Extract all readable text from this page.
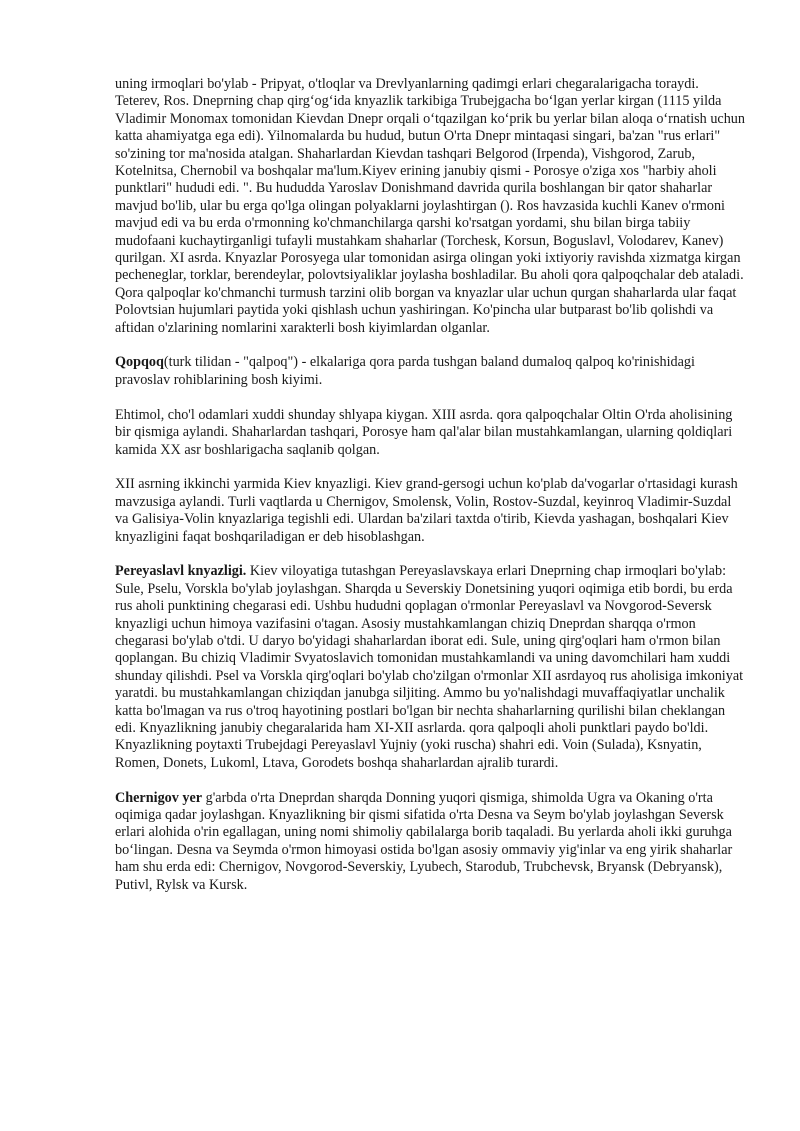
uning irmoqlari bo'ylab - Pripyat, o'tloqlar va Drevlyanlarning qadimgi erlari chegaralarigacha toraydi. Teterev, Ros. Dneprning chap qirg‘og‘ida knyazlik tarkibiga Trubejgacha bo‘lgan yerlar kirgan (1115 yilda Vladimir Monomax tomonidan Kievdan Dnepr orqali o‘tqazilgan ko‘prik bu yerlar bilan aloqa o‘rnatish uchun katta ahamiyatga ega edi). Yilnomalarda bu hudud, butun O'rta Dnepr mintaqasi singari, ba'zan "rus erlari" so'zining tor ma'nosida atalgan. Shaharlardan Kievdan tashqari Belgorod (Irpenda), Vishgorod, Zarub, Kotelnitsa, Chernobil va boshqalar ma'lum.Kiyev erining janubiy qismi - Porosye o'ziga xos "harbiy aholi punktlari" hududi edi. ". Bu hududda Yaroslav Donishmand davrida qurila boshlangan bir qator shaharlar mavjud bo'lib, ular bu erga qo'lga olingan polyaklarni joylashtirgan (). Ros havzasida kuchli Kanev o'rmoni mavjud edi va bu erda o'rmonning ko'chmanchilarga qarshi ko'rsatgan yordami, shu bilan birga tabiiy mudofaani kuchaytirganligi tufayli mustahkam shaharlar (Torchesk, Korsun, Boguslavl, Volodarev, Kanev) qurilgan. XI asrda. Knyazlar Porosyega ular tomonidan asirga olingan yoki ixtiyoriy ravishda xizmatga kirgan pecheneglar, torklar, berendeylar, polovtsiyaliklar joylasha boshladilar. Bu aholi qora qalpoqchalar deb ataladi. Qora qalpoqlar ko'chmanchi turmush tarzini olib borgan va knyazlar ular uchun qurgan shaharlarda ular faqat Polovtsian hujumlari paytida yoki qishlash uchun yashiringan. Ko'pincha ular butparast bo'lib qolishdi va aftidan o'zlarining nomlarini xarakterli bosh kiyimlardan olganlar.

Qopqoq(turk tilidan - "qalpoq") - elkalariga qora parda tushgan baland dumaloq qalpoq ko'rinishidagi pravoslav rohiblarining bosh kiyimi.

Ehtimol, cho'l odamlari xuddi shunday shlyapa kiygan. XIII asrda. qora qalpoqchalar Oltin O'rda aholisining bir qismiga aylandi. Shaharlardan tashqari, Porosye ham qal'alar bilan mustahkamlangan, ularning qoldiqlari kamida XX asr boshlarigacha saqlanib qolgan.

XII asrning ikkinchi yarmida Kiev knyazligi. Kiev grand-gersogi uchun ko'plab da'vogarlar o'rtasidagi kurash mavzusiga aylandi. Turli vaqtlarda u Chernigov, Smolensk, Volin, Rostov-Suzdal, keyinroq Vladimir-Suzdal va Galisiya-Volin knyazlariga tegishli edi. Ulardan ba'zilari taxtda o'tirib, Kievda yashagan, boshqalari Kiev knyazligini faqat boshqariladigan er deb hisoblashgan.

Pereyaslavl knyazligi. Kiev viloyatiga tutashgan Pereyaslavskaya erlari Dneprning chap irmoqlari bo'ylab: Sule, Pselu, Vorskla bo'ylab joylashgan. Sharqda u Severskiy Donetsining yuqori oqimiga etib bordi, bu erda rus aholi punktining chegarasi edi. Ushbu hududni qoplagan o'rmonlar Pereyaslavl va Novgorod-Seversk knyazligi uchun himoya vazifasini o'tagan. Asosiy mustahkamlangan chiziq Dneprdan sharqqa o'rmon chegarasi bo'ylab o'tdi. U daryo bo'yidagi shaharlardan iborat edi. Sule, uning qirg'oqlari ham o'rmon bilan qoplangan. Bu chiziq Vladimir Svyatoslavich tomonidan mustahkamlandi va uning davomchilari ham xuddi shunday qilishdi. Psel va Vorskla qirg'oqlari bo'ylab cho'zilgan o'rmonlar XII asrdayoq rus aholisiga imkoniyat yaratdi. bu mustahkamlangan chiziqdan janubga siljiting. Ammo bu yo'nalishdagi muvaffaqiyatlar unchalik katta bo'lmagan va rus o'troq hayotining postlari bo'lgan bir nechta shaharlarning qurilishi bilan cheklangan edi. Knyazlikning janubiy chegaralarida ham XI-XII asrlarda. qora qalpoqli aholi punktlari paydo bo'ldi. Knyazlikning poytaxti Trubejdagi Pereyaslavl Yujniy (yoki ruscha) shahri edi. Voin (Sulada), Ksnyatin, Romen, Donets, Lukoml, Ltava, Gorodets boshqa shaharlardan ajralib turardi.

Chernigov yer g'arbda o'rta Dneprdan sharqda Donning yuqori qismiga, shimolda Ugra va Okaning o'rta oqimiga qadar joylashgan. Knyazlikning bir qismi sifatida o'rta Desna va Seym bo'ylab joylashgan Seversk erlari alohida o'rin egallagan, uning nomi shimoliy qabilalarga borib taqaladi. Bu yerlarda aholi ikki guruhga bo‘lingan. Desna va Seymda o'rmon himoyasi ostida bo'lgan asosiy ommaviy yig'inlar va eng yirik shaharlar ham shu erda edi: Chernigov, Novgorod-Severskiy, Lyubech, Starodub, Trubchevsk, Bryansk (Debryansk), Putivl, Rylsk va Kursk.
